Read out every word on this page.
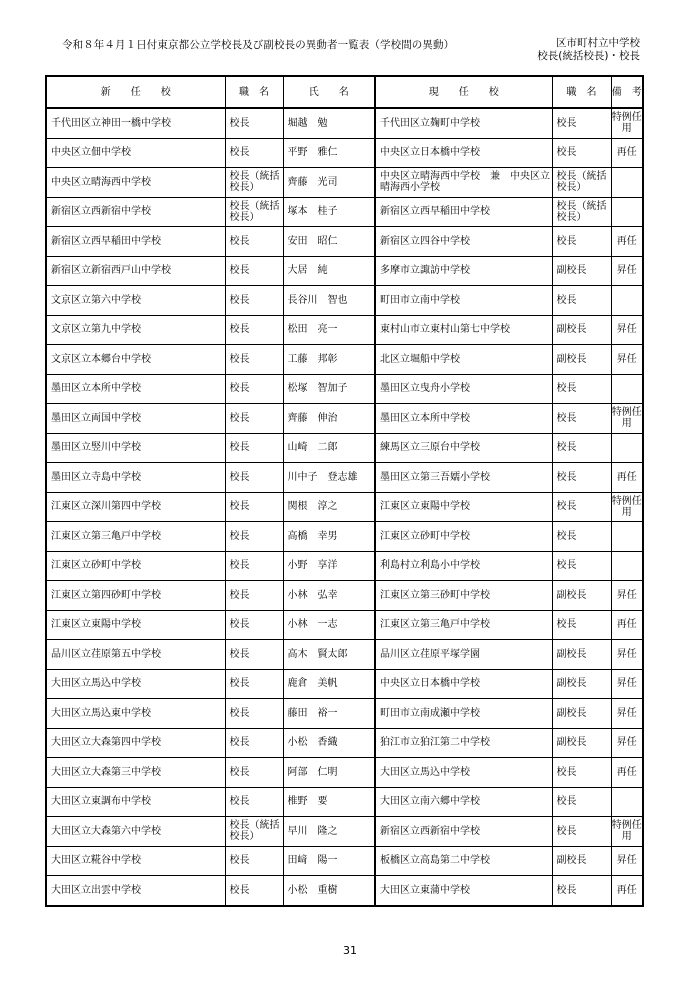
令和８年４月１日付東京都公立学校長及び副校長の異動者一覧表（学校間の異動）	区市町村立中学校
校長(統括校長)・校長
新　　任　　校	職　名	氏　　名	現　　任　　校	職　名	備　考
千代田区立神田一橋中学校	校長	堀越　勉	千代田区立麹町中学校	校長	特例任用
中央区立佃中学校	校長	平野　雅仁	中央区立日本橋中学校	校長	再任
中央区立晴海西中学校	校長（統括校長）	齊藤　光司	中央区立晴海西中学校　兼　中央区立晴海西小学校	校長（統括校長）	
新宿区立西新宿中学校	校長（統括校長）	塚本　桂子	新宿区立西早稲田中学校	校長（統括校長）	
新宿区立西早稲田中学校	校長	安田　昭仁	新宿区立四谷中学校	校長	再任
新宿区立新宿西戸山中学校	校長	大居　純	多摩市立諏訪中学校	副校長	昇任
文京区立第六中学校	校長	長谷川　智也	町田市立南中学校	校長	
文京区立第九中学校	校長	松田　亮一	東村山市立東村山第七中学校	副校長	昇任
文京区立本郷台中学校	校長	工藤　邦彰	北区立堀船中学校	副校長	昇任
墨田区立本所中学校	校長	松塚　智加子	墨田区立曳舟小学校	校長	
墨田区立両国中学校	校長	齊藤　伸治	墨田区立本所中学校	校長	特例任用
墨田区立竪川中学校	校長	山崎　二郎	練馬区立三原台中学校	校長	
墨田区立寺島中学校	校長	川中子　登志雄	墨田区立第三吾嬬小学校	校長	再任
江東区立深川第四中学校	校長	関根　淳之	江東区立東陽中学校	校長	特例任用
江東区立第三亀戸中学校	校長	高橋　幸男	江東区立砂町中学校	校長	
江東区立砂町中学校	校長	小野　享洋	利島村立利島小中学校	校長	
江東区立第四砂町中学校	校長	小林　弘幸	江東区立第三砂町中学校	副校長	昇任
江東区立東陽中学校	校長	小林　一志	江東区立第三亀戸中学校	校長	再任
品川区立荏原第五中学校	校長	高木　賢太郎	品川区立荏原平塚学園	副校長	昇任
大田区立馬込中学校	校長	鹿倉　美帆	中央区立日本橋中学校	副校長	昇任
大田区立馬込東中学校	校長	藤田　裕一	町田市立南成瀬中学校	副校長	昇任
大田区立大森第四中学校	校長	小松　香織	狛江市立狛江第二中学校	副校長	昇任
大田区立大森第三中学校	校長	阿部　仁明	大田区立馬込中学校	校長	再任
大田区立東調布中学校	校長	椎野　要	大田区立南六郷中学校	校長	
大田区立大森第六中学校	校長（統括校長）	早川　隆之	新宿区立西新宿中学校	校長	特例任用
大田区立糀谷中学校	校長	田﨑　陽一	板橋区立高島第二中学校	副校長	昇任
大田区立出雲中学校	校長	小松　重樹	大田区立東蒲中学校	校長	再任
31
